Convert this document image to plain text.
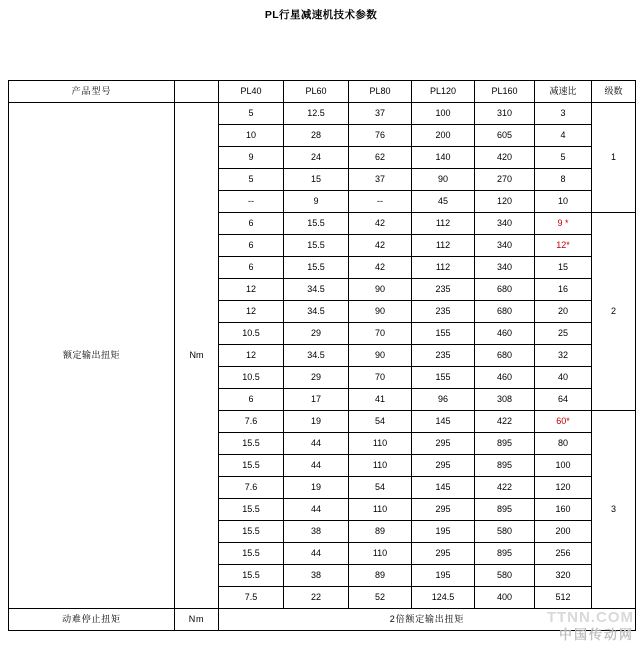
PL行星减速机技术参数
产品型号		PL40	PL60	PL80	PL120	PL160	减速比	级数
额定输出扭矩	Nm	5	12.5	37	100	310	3	1
		10	28	76	200	605	4	
		9	24	62	140	420	5	
		5	15	37	90	270	8	
		--	9	--	45	120	10	
		6	15.5	42	112	340	9 *	2
		6	15.5	42	112	340	12*	
		6	15.5	42	112	340	15	
		12	34.5	90	235	680	16	
		12	34.5	90	235	680	20	
		10.5	29	70	155	460	25	
		12	34.5	90	235	680	32	
		10.5	29	70	155	460	40	
		6	17	41	96	308	64	
		7.6	19	54	145	422	60*	3
		15.5	44	110	295	895	80	
		15.5	44	110	295	895	100	
		7.6	19	54	145	422	120	
		15.5	44	110	295	895	160	
		15.5	38	89	195	580	200	
		15.5	44	110	295	895	256	
		15.5	38	89	195	580	320	
		7.5	22	52	124.5	400	512	
动难停止扭矩	Nm	2倍额定输出扭矩							TTNN.COM
中国传动网
